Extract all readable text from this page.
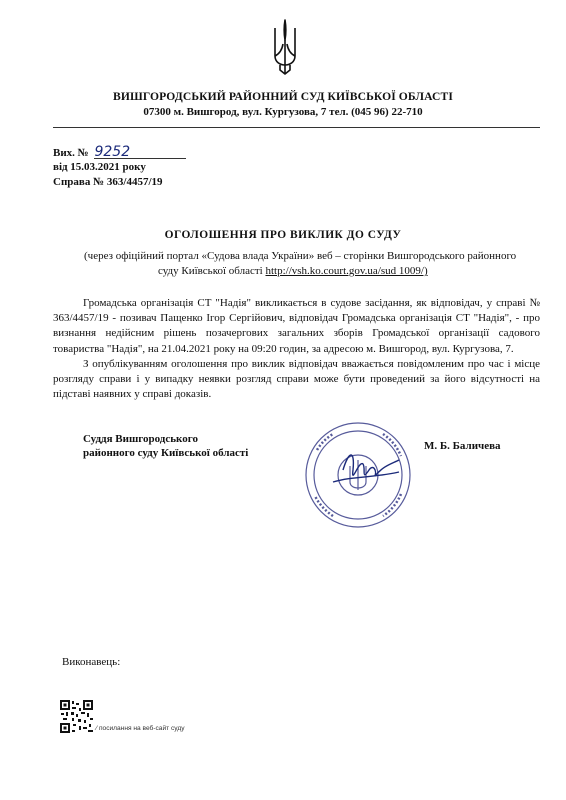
ВИШГОРОДСЬКИЙ РАЙОННИЙ СУД КИЇВСЬКОЇ ОБЛАСТІ
07300 м. Вишгород, вул. Кургузова, 7 тел. (045 96) 22-710
Вих. № 9252
від 15.03.2021 року
Справа № 363/4457/19
ОГОЛОШЕННЯ ПРО ВИКЛИК ДО СУДУ
(через офіційний портал «Судова влада України» веб – сторінки Вишгородського районного
суду Київської області http://vsh.ko.court.gov.ua/sud 1009/)

Громадська організація СТ "Надія" викликається в судове засідання, як відповідач, у справі № 363/4457/19 - позивач Пащенко Ігор Сергійович, відповідач Громадська організація СТ "Надія", - про визнання недійсним рішень позачергових загальних зборів Громадської організації садового товариства "Надія", на 21.04.2021 року на 09:20 годин, за адресою м. Вишгород, вул. Кургузова, 7.

З опублікуванням оголошення про виклик відповідач вважається повідомленим про час і місце розгляду справи і у випадку неявки розгляд справи може бути проведений за його відсутності на підставі наявних у справі доказів.

Суддя Вишгородського
районного суду Київської області
М. Б. Баличева
Виконавець:
⁄ посилання на веб-сайт суду
